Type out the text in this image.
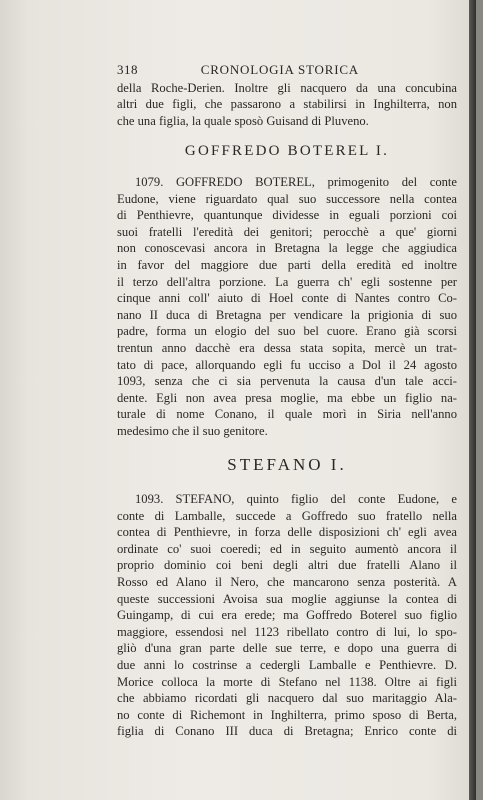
318	CRONOLOGIA STORICA
della Roche-Derien. Inoltre gli nacquero da una concubina
altri due figli, che passarono a stabilirsi in Inghilterra, non
che una figlia, la quale sposò Guisand di Pluveno.
GOFFREDO BOTEREL I.
1079. GOFFREDO BOTEREL, primogenito del conte
Eudone, viene riguardato qual suo successore nella contea
di Penthievre, quantunque dividesse in eguali porzioni coi
suoi fratelli l'eredità dei genitori; perocchè a que' giorni
non conoscevasi ancora in Bretagna la legge che aggiudica
in favor del maggiore due parti della eredità ed inoltre
il terzo dell'altra porzione. La guerra ch' egli sostenne per
cinque anni coll' aiuto di Hoel conte di Nantes contro Co-
nano II duca di Bretagna per vendicare la prigionia di suo
padre, forma un elogio del suo bel cuore. Erano già scorsi
trentun anno dacchè era dessa stata sopita, mercè un trat-
tato di pace, allorquando egli fu ucciso a Dol il 24 agosto
1093, senza che ci sia pervenuta la causa d'un tale acci-
dente. Egli non avea presa moglie, ma ebbe un figlio na-
turale di nome Conano, il quale morì in Siria nell'anno
medesimo che il suo genitore.
STEFANO I.
1093. STEFANO, quinto figlio del conte Eudone, e
conte di Lamballe, succede a Goffredo suo fratello nella
contea di Penthievre, in forza delle disposizioni ch' egli avea
ordinate co' suoi coeredi; ed in seguito aumentò ancora il
proprio dominio coi beni degli altri due fratelli Alano il
Rosso ed Alano il Nero, che mancarono senza posterità. A
queste successioni Avoisa sua moglie aggiunse la contea di
Guingamp, di cui era erede; ma Goffredo Boterel suo figlio
maggiore, essendosi nel 1123 ribellato contro di lui, lo spo-
gliò d'una gran parte delle sue terre, e dopo una guerra di
due anni lo costrinse a cedergli Lamballe e Penthievre. D.
Morice colloca la morte di Stefano nel 1138. Oltre ai figli
che abbiamo ricordati gli nacquero dal suo maritaggio Ala-
no conte di Richemont in Inghilterra, primo sposo di Berta,
figlia di Conano III duca di Bretagna; Enrico conte di
